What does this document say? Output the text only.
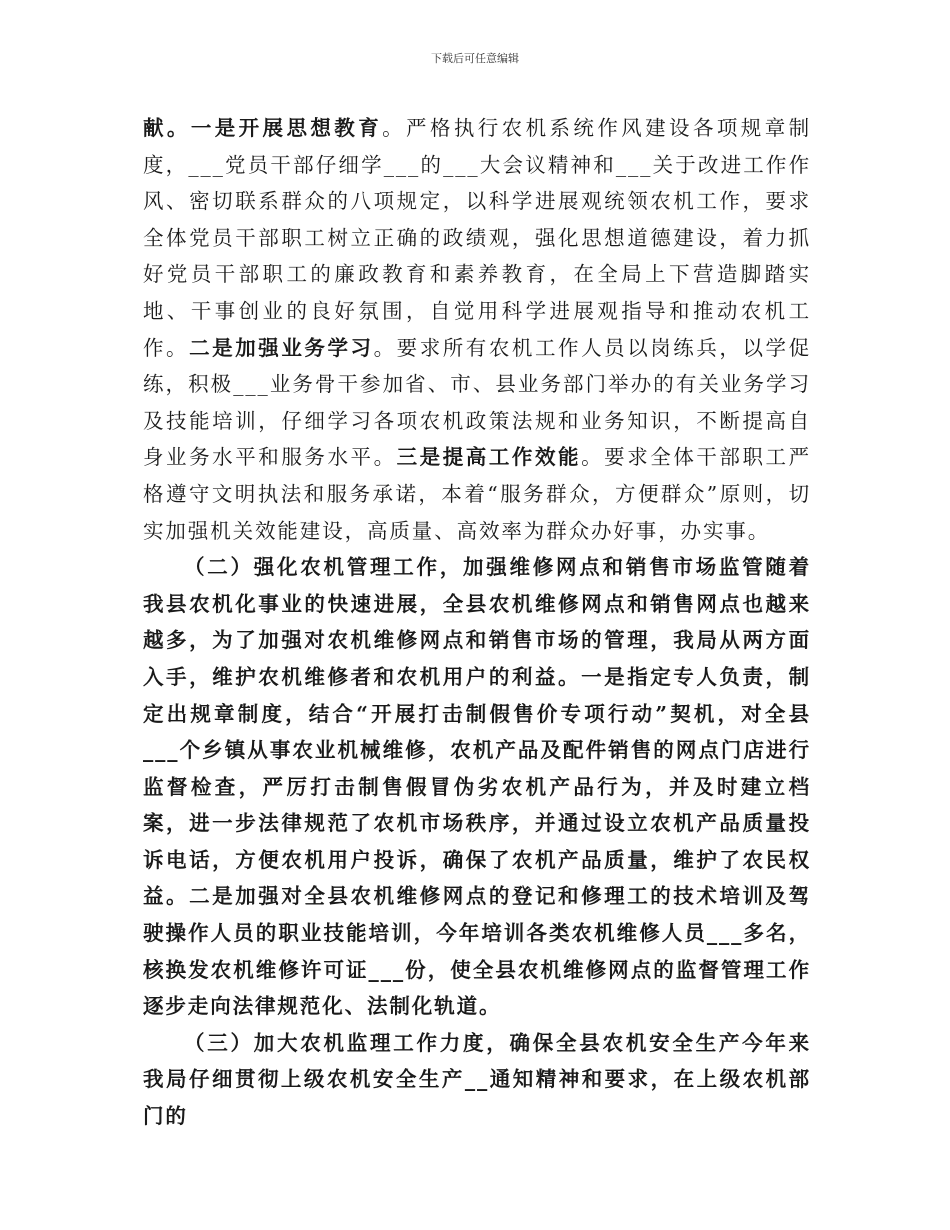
下载后可任意编辑

献。一是开展思想教育。严格执行农机系统作风建设各项规章制度，___党员干部仔细学___的___大会议精神和___关于改进工作作风、密切联系群众的八项规定，以科学进展观统领农机工作，要求全体党员干部职工树立正确的政绩观，强化思想道德建设，着力抓好党员干部职工的廉政教育和素养教育，在全局上下营造脚踏实地、干事创业的良好氛围，自觉用科学进展观指导和推动农机工作。二是加强业务学习。要求所有农机工作人员以岗练兵，以学促练，积极___业务骨干参加省、市、县业务部门举办的有关业务学习及技能培训，仔细学习各项农机政策法规和业务知识，不断提高自身业务水平和服务水平。三是提高工作效能。要求全体干部职工严格遵守文明执法和服务承诺，本着“服务群众，方便群众”原则，切实加强机关效能建设，高质量、高效率为群众办好事，办实事。

（二）强化农机管理工作，加强维修网点和销售市场监管随着我县农机化事业的快速进展，全县农机维修网点和销售网点也越来越多，为了加强对农机维修网点和销售市场的管理，我局从两方面入手，维护农机维修者和农机用户的利益。一是指定专人负责，制定出规章制度，结合“开展打击制假售价专项行动”契机，对全县___个乡镇从事农业机械维修，农机产品及配件销售的网点门店进行监督检查，严厉打击制售假冒伪劣农机产品行为，并及时建立档案，进一步法律规范了农机市场秩序，并通过设立农机产品质量投诉电话，方便农机用户投诉，确保了农机产品质量，维护了农民权益。二是加强对全县农机维修网点的登记和修理工的技术培训及驾驶操作人员的职业技能培训，今年培训各类农机维修人员___多名，核换发农机维修许可证___份，使全县农机维修网点的监督管理工作逐步走向法律规范化、法制化轨道。

（三）加大农机监理工作力度，确保全县农机安全生产今年来我局仔细贯彻上级农机安全生产__通知精神和要求，在上级农机部门的
